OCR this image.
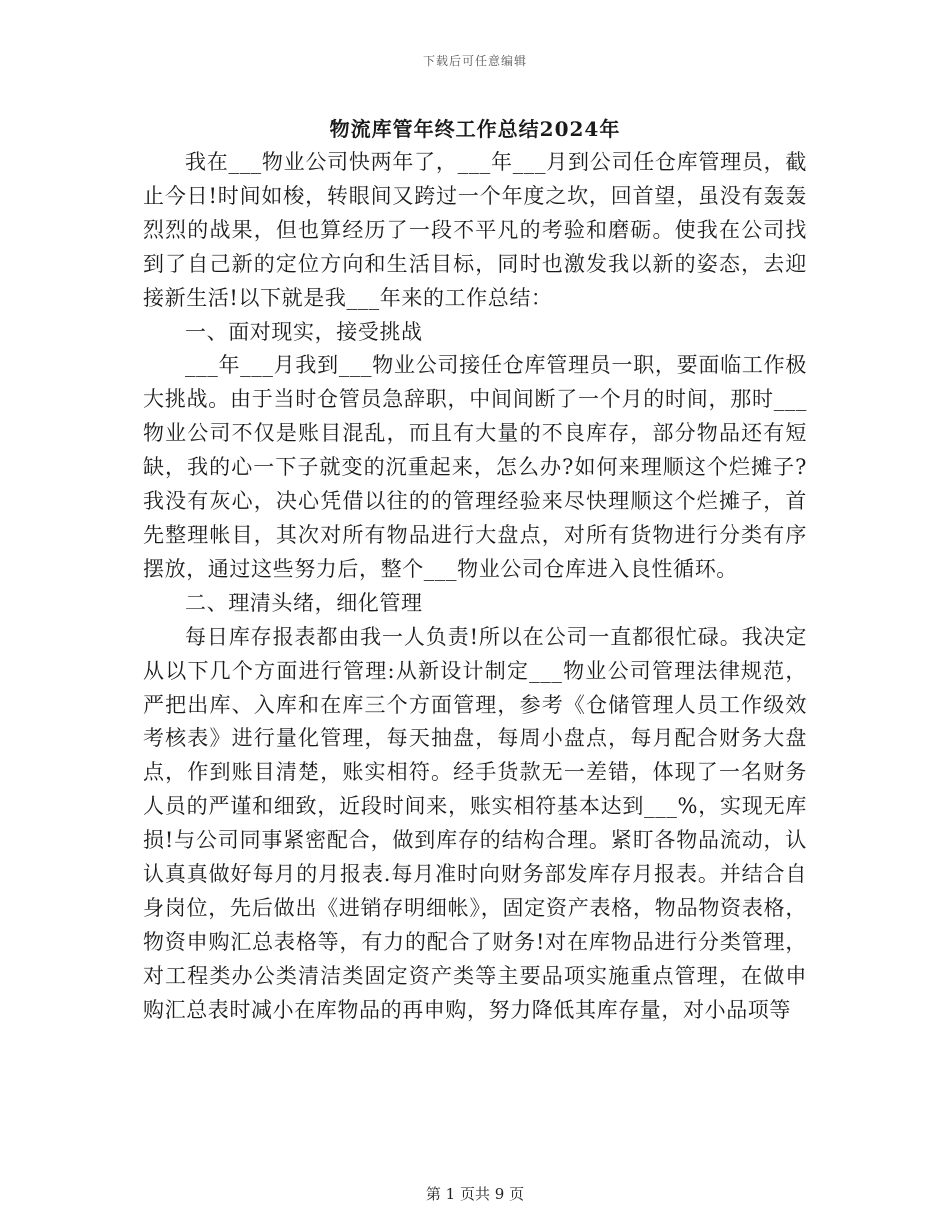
下载后可任意编辑
物流库管年终工作总结2024年

我在___物业公司快两年了，___年___月到公司任仓库管理员，截止今日!时间如梭，转眼间又跨过一个年度之坎，回首望，虽没有轰轰烈烈的战果，但也算经历了一段不平凡的考验和磨砺。使我在公司找到了自己新的定位方向和生活目标，同时也激发我以新的姿态，去迎接新生活!以下就是我___年来的工作总结：

一、面对现实，接受挑战

___年___月我到___物业公司接任仓库管理员一职，要面临工作极大挑战。由于当时仓管员急辞职，中间间断了一个月的时间，那时___物业公司不仅是账目混乱，而且有大量的不良库存，部分物品还有短缺，我的心一下子就变的沉重起来，怎么办?如何来理顺这个烂摊子?我没有灰心，决心凭借以往的的管理经验来尽快理顺这个烂摊子，首先整理帐目，其次对所有物品进行大盘点，对所有货物进行分类有序摆放，通过这些努力后，整个___物业公司仓库进入良性循环。

二、理清头绪，细化管理

每日库存报表都由我一人负责!所以在公司一直都很忙碌。我决定从以下几个方面进行管理:从新设计制定___物业公司管理法律规范，严把出库、入库和在库三个方面管理，参考《仓储管理人员工作级效考核表》进行量化管理，每天抽盘，每周小盘点，每月配合财务大盘点，作到账目清楚，账实相符。经手货款无一差错，体现了一名财务人员的严谨和细致，近段时间来，账实相符基本达到___%，实现无库损!与公司同事紧密配合，做到库存的结构合理。紧盯各物品流动，认认真真做好每月的月报表.每月准时向财务部发库存月报表。并结合自身岗位，先后做出《进销存明细帐》，固定资产表格，物品物资表格，物资申购汇总表格等，有力的配合了财务!对在库物品进行分类管理，对工程类办公类清洁类固定资产类等主要品项实施重点管理，在做申购汇总表时减小在库物品的再申购，努力降低其库存量，对小品项等

第 1 页共 9 页
